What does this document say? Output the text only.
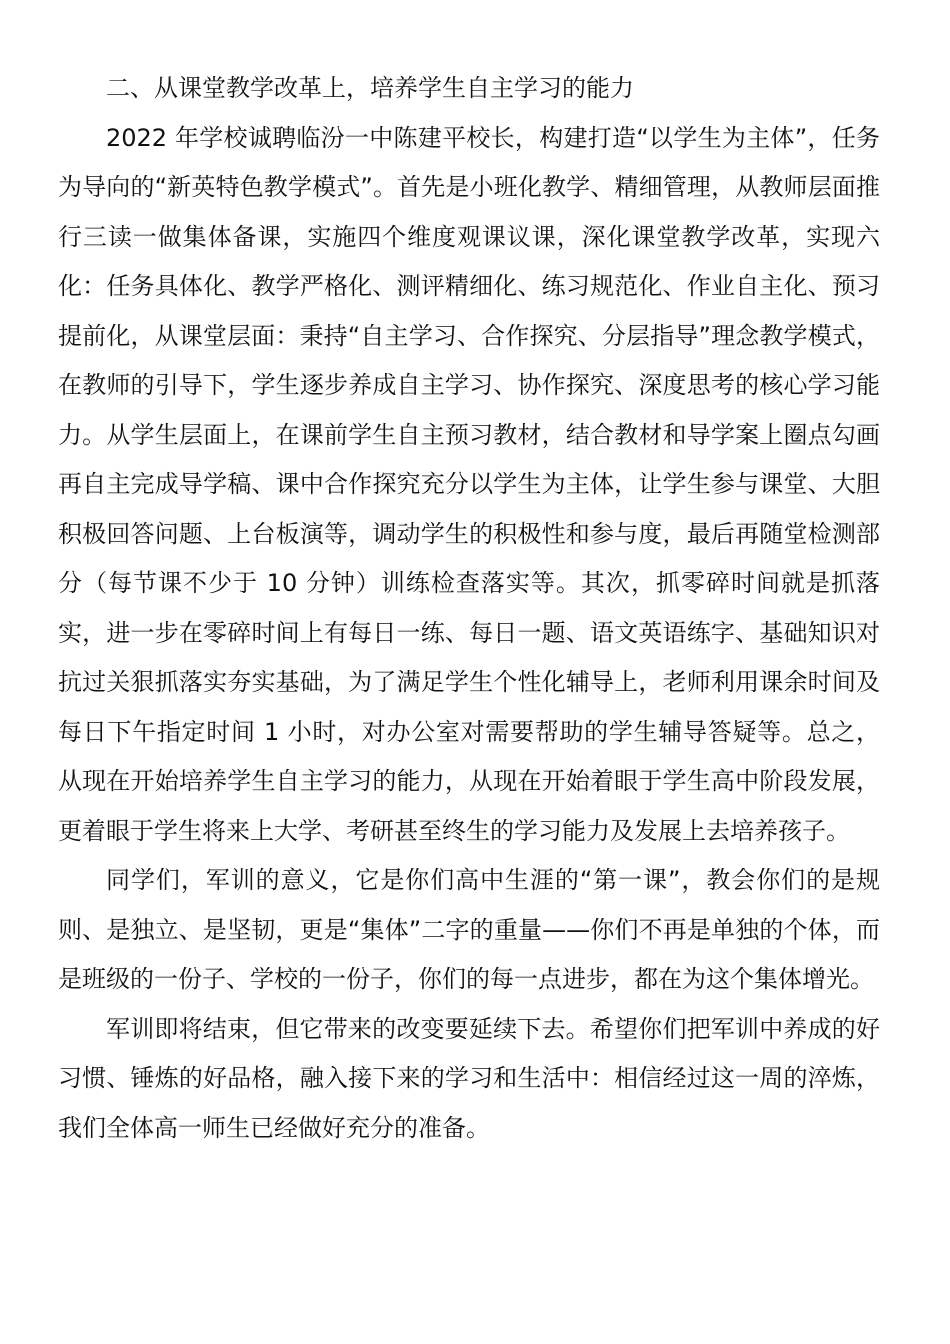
二、从课堂教学改革上，培养学生自主学习的能力

2022 年学校诚聘临汾一中陈建平校长，构建打造“以学生为主体”，任务为导向的“新英特色教学模式”。首先是小班化教学、精细管理，从教师层面推行三读一做集体备课，实施四个维度观课议课，深化课堂教学改革，实现六化：任务具体化、教学严格化、测评精细化、练习规范化、作业自主化、预习提前化，从课堂层面：秉持“自主学习、合作探究、分层指导”理念教学模式，在教师的引导下，学生逐步养成自主学习、协作探究、深度思考的核心学习能力。从学生层面上，在课前学生自主预习教材，结合教材和导学案上圈点勾画再自主完成导学稿、课中合作探究充分以学生为主体，让学生参与课堂、大胆积极回答问题、上台板演等，调动学生的积极性和参与度，最后再随堂检测部分（每节课不少于 10 分钟）训练检查落实等。其次，抓零碎时间就是抓落实，进一步在零碎时间上有每日一练、每日一题、语文英语练字、基础知识对抗过关狠抓落实夯实基础，为了满足学生个性化辅导上，老师利用课余时间及每日下午指定时间 1 小时，对办公室对需要帮助的学生辅导答疑等。总之，从现在开始培养学生自主学习的能力，从现在开始着眼于学生高中阶段发展，更着眼于学生将来上大学、考研甚至终生的学习能力及发展上去培养孩子。

同学们，军训的意义，它是你们高中生涯的“第一课”，教会你们的是规则、是独立、是坚韧，更是“集体”二字的重量——你们不再是单独的个体，而是班级的一份子、学校的一份子，你们的每一点进步，都在为这个集体增光。

军训即将结束，但它带来的改变要延续下去。希望你们把军训中养成的好习惯、锤炼的好品格，融入接下来的学习和生活中：相信经过这一周的淬炼，我们全体高一师生已经做好充分的准备。
